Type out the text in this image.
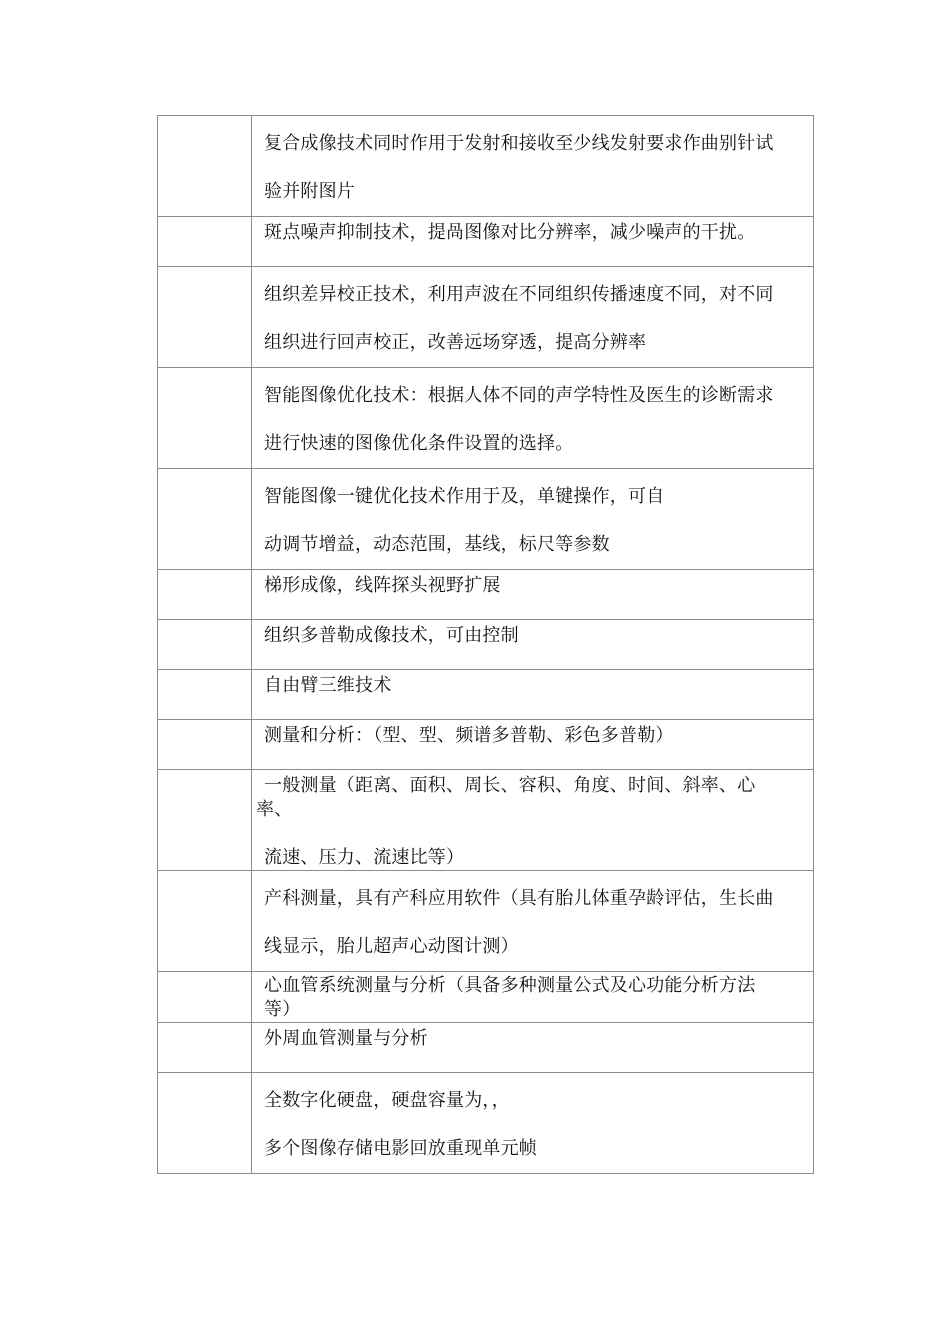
	复合成像技术同时作用于发射和接收至少线发射要求作曲别针试
验并附图片

	斑点噪声抑制技术，提咼图像对比分辨率，减少噪声的干扰。

	组织差异校正技术，利用声波在不同组织传播速度不同，对不同
组织进行回声校正，改善远场穿透，提高分辨率

	智能图像优化技术：根据人体不同的声学特性及医生的诊断需求
进行快速的图像优化条件设置的选择。

	智能图像一键优化技术作用于及，单键操作，可自
动调节增益，动态范围，基线，标尺等参数

	梯形成像，线阵探头视野扩展

	组织多普勒成像技术，可由控制

	自由臂三维技术

	测量和分析：（型、型、频谱多普勒、彩色多普勒）

	一般测量（距离、面积、周长、容积、角度、时间、斜率、心
率、
流速、压力、流速比等）

	产科测量，具有产科应用软件（具有胎儿体重孕龄评估，生长曲
线显示，胎儿超声心动图计测）

	心血管系统测量与分析（具备多种测量公式及心功能分析方法
等）

	外周血管测量与分析

	全数字化硬盘，硬盘容量为，，
多个图像存储电影回放重现单元帧
